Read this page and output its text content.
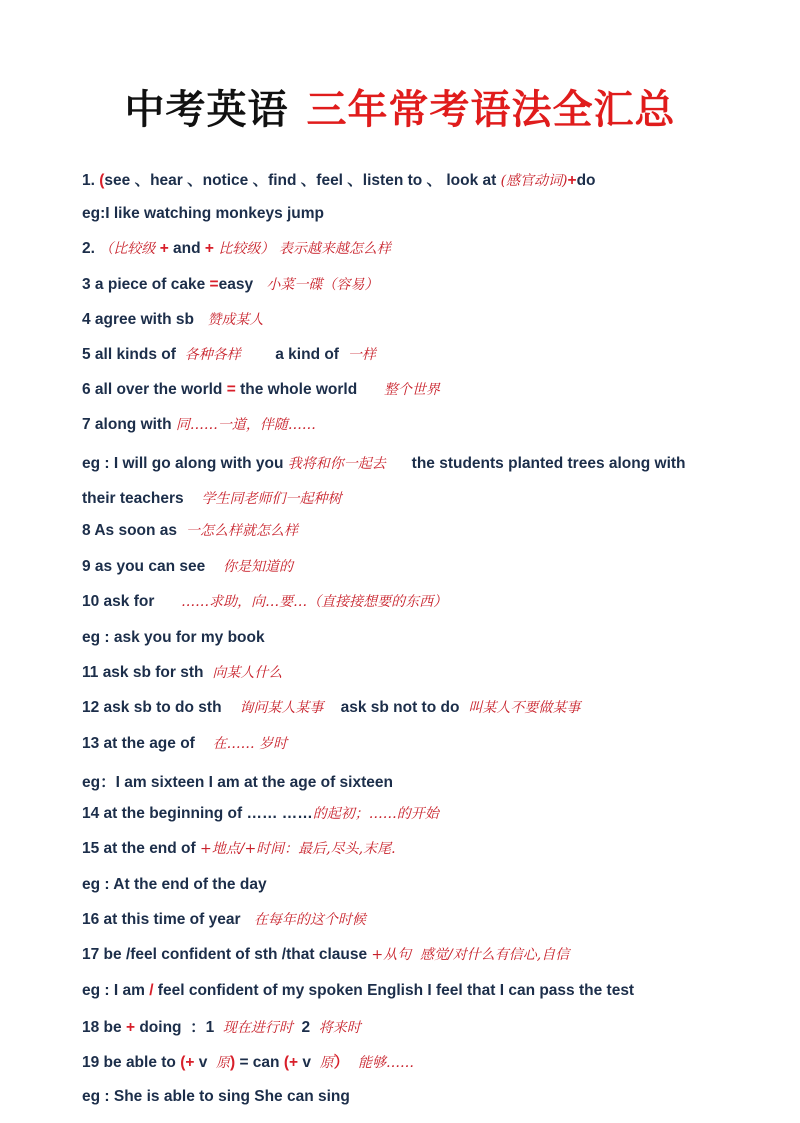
中考英语 三年常考语法全汇总
1. (see 、hear 、notice 、find 、feel 、listen to 、 look at (感官动词)+do
eg:I like watching monkeys jump
2. （比较级 + and + 比较级） 表示越来越怎么样
3 a piece of cake =easy   小菜一碟（容易）
4 agree with sb   赞成某人
5 all kinds of  各种各样        a kind of  一样
6 all over the world = the whole world      整个世界
7 along with 同……一道，伴随……
eg : I will go along with you 我将和你一起去      the students planted trees along with
their teachers    学生同老师们一起种树
8 As soon as  一怎么样就怎么样
9 as you can see    你是知道的
10 ask for      ……求助，向…要…（直接接想要的东西）
eg : ask you for my book
11 ask sb for sth  向某人什么
12 ask sb to do sth    询问某人某事    ask sb not to do  叫某人不要做某事
13 at the age of    在…… 岁时
eg：I am sixteen I am at the age of sixteen
14 at the beginning of …… ……的起初；……的开始
15 at the end of +地点/+时间：最后,尽头,末尾.
eg : At the end of the day
16 at this time of year   在每年的这个时候
17 be /feel confident of sth /that clause +从句  感觉/对什么有信心,自信
eg : I am / feel confident of my spoken English I feel that I can pass the test
18 be + doing  ：1  现在进行时  2  将来时
19 be able to (+ v  原) = can (+ v  原）  能够……
eg : She is able to sing She can sing
